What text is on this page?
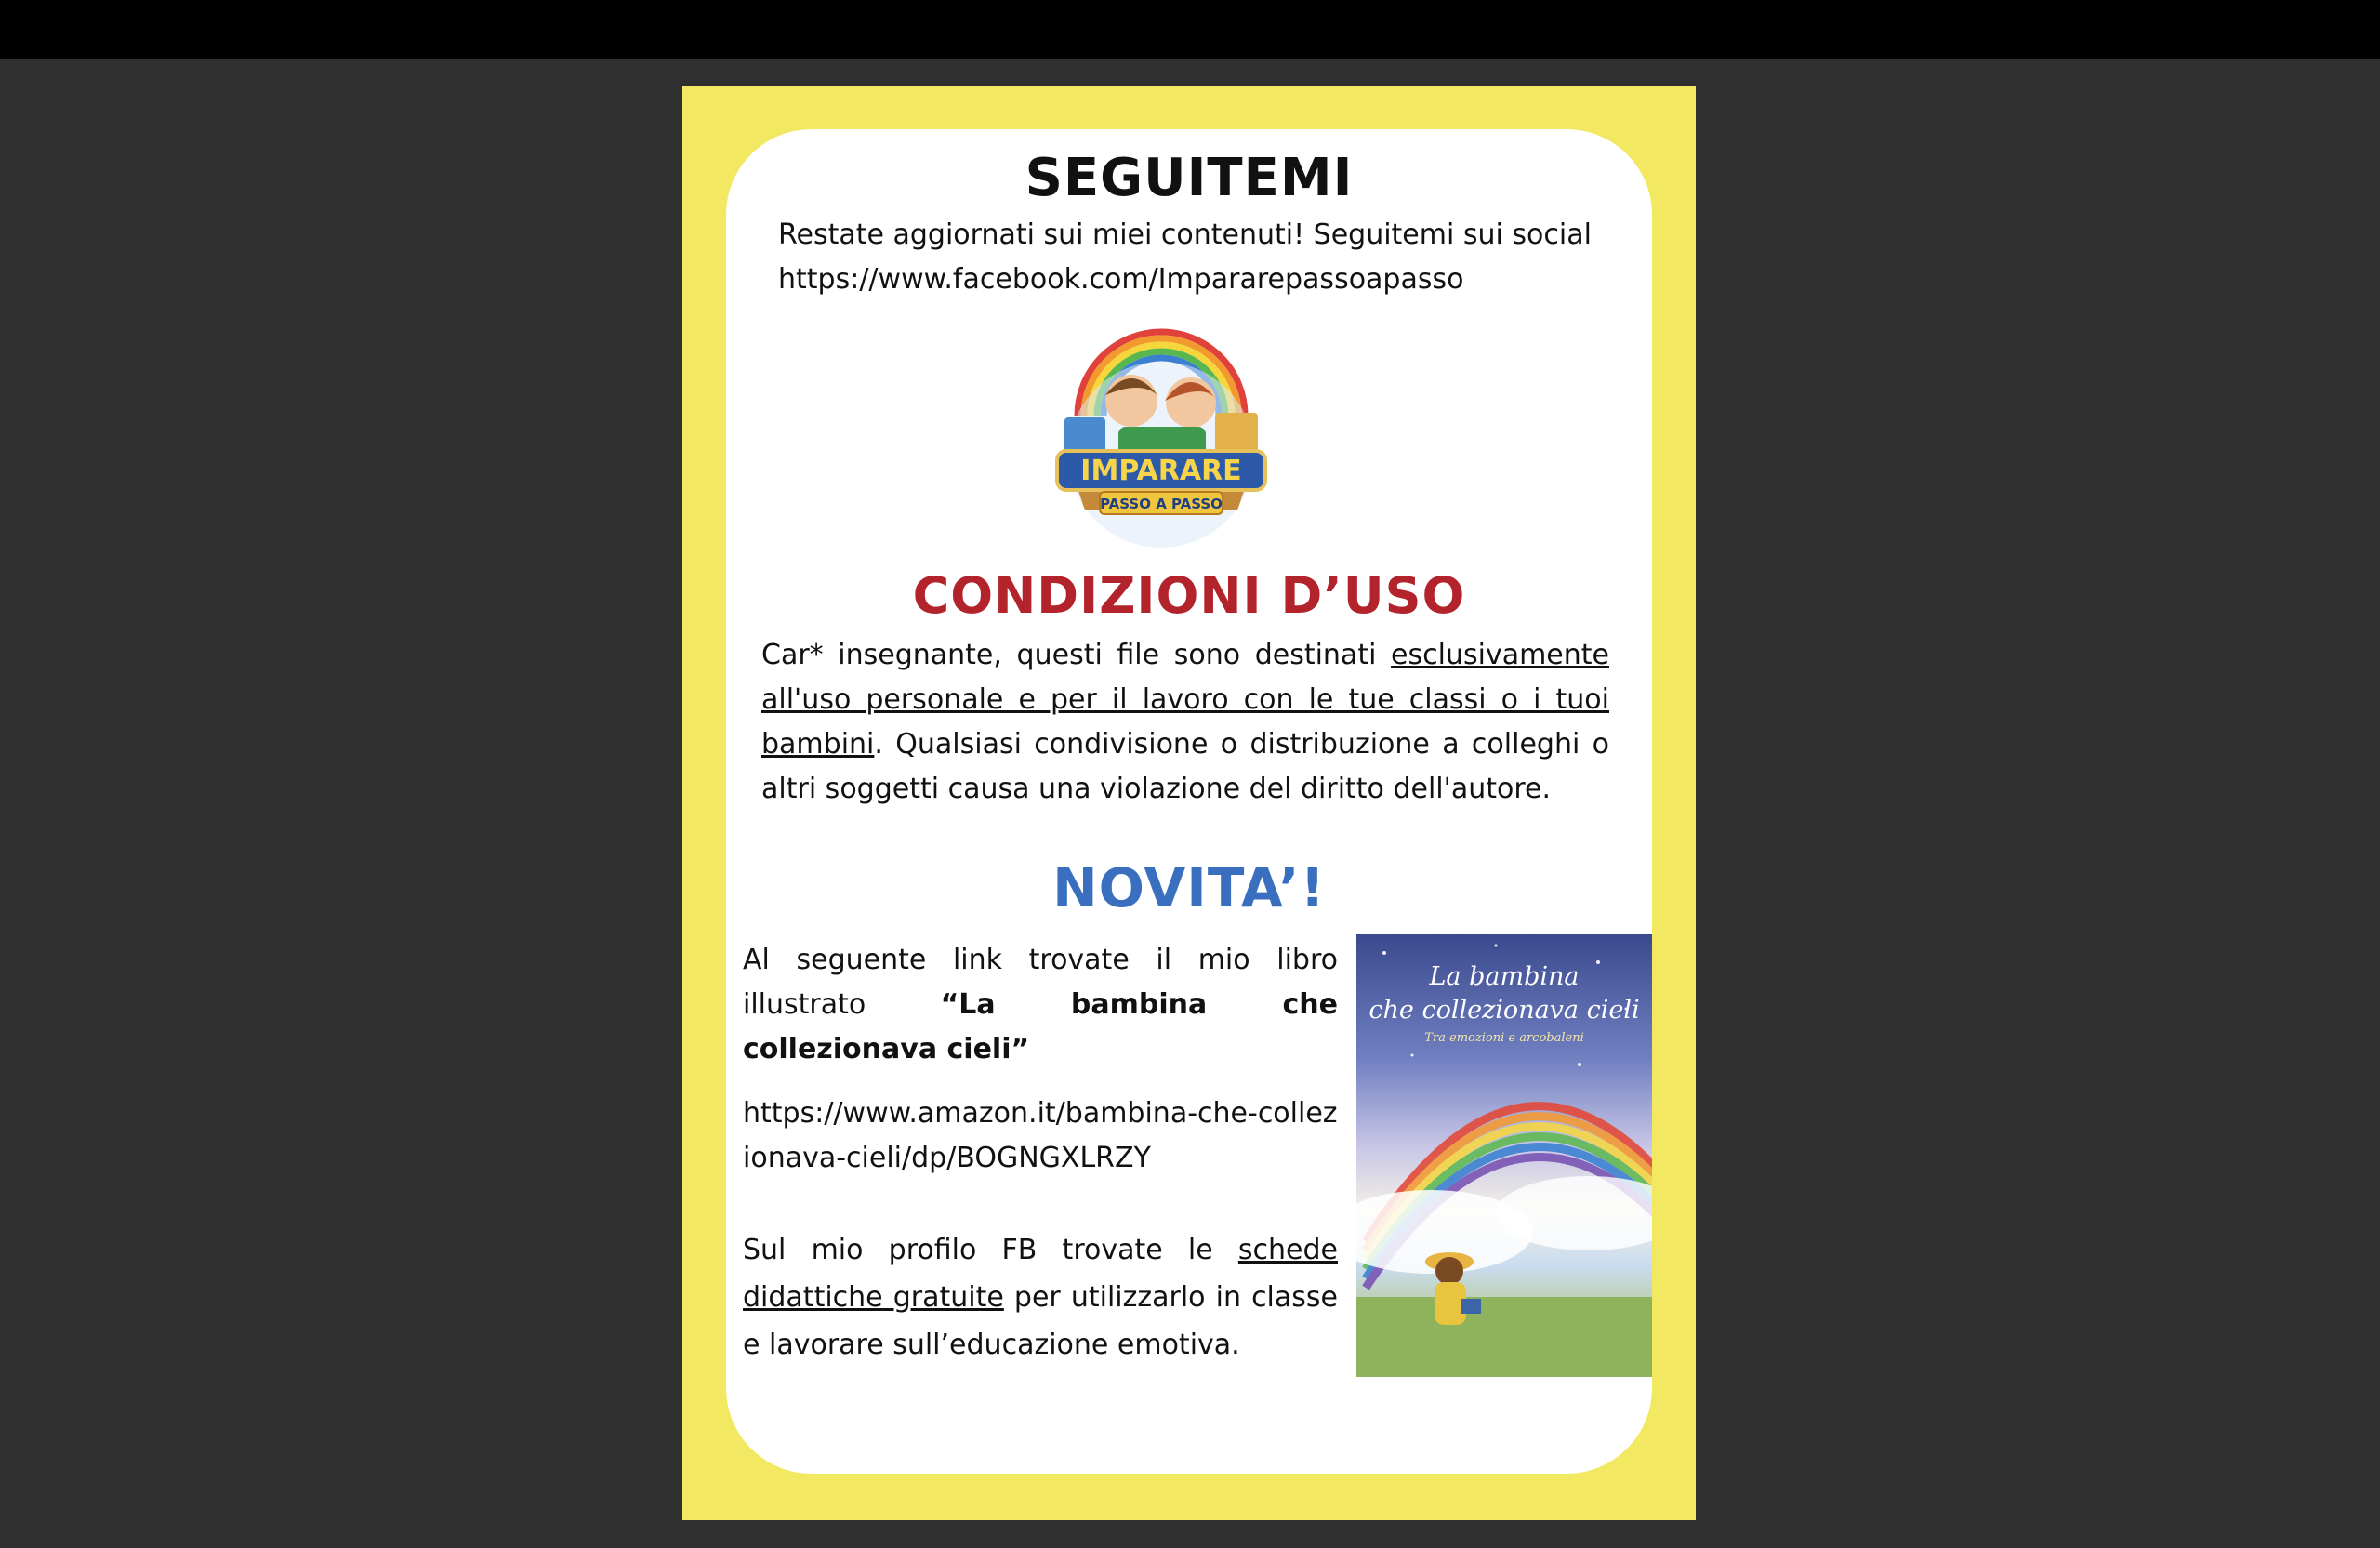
SEGUITEMI
Restate aggiornati sui miei contenuti! Seguitemi sui social
https://www.facebook.com/Impararepassoapasso
IMPARARE
PASSO A PASSO
CONDIZIONI D’USO

Car* insegnante, questi file sono destinati esclusivamente all'uso personale e per il lavoro con le tue classi o i tuoi bambini. Qualsiasi condivisione o distribuzione a colleghi o altri soggetti causa una violazione del diritto dell'autore.

NOVITA’!

Al seguente link trovate il mio libro illustrato “La bambina che collezionava cieli”

https://www.amazon.it/bambina-che-collezionava-cieli/dp/BOGNGXLRZY

Sul mio profilo FB trovate le schede didattiche gratuite per utilizzarlo in classe e lavorare sull’educazione emotiva.

La bambina
che collezionava cieli
Tra emozioni e arcobaleni
